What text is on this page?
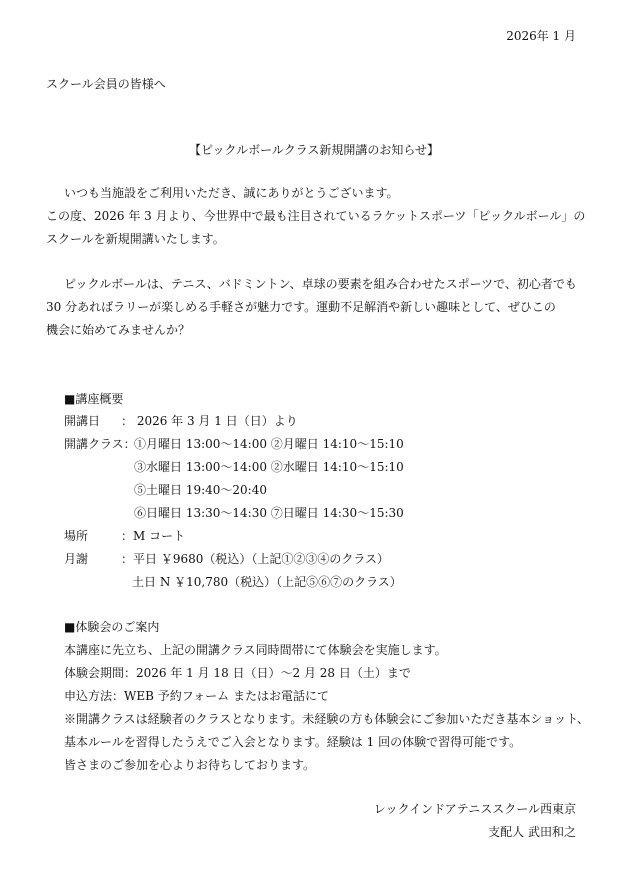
2026年 1 月
スクール会員の皆様へ
【ピックルボールクラス新規開講のお知らせ】
いつも当施設をご利用いただき、誠にありがとうございます。
この度、2026 年 3 月より、今世界中で最も注目されているラケットスポーツ「ピックルボール」の
スクールを新規開講いたします。
ピックルボールは、テニス、バドミントン、卓球の要素を組み合わせたスポーツで、初心者でも
30 分あればラリーが楽しめる手軽さが魅力です。運動不足解消や新しい趣味として、ぜひこの
機会に始めてみませんか？
■講座概要
開講日 ： 2026 年 3 月 1 日（日）より
開講クラス：
①月曜日 13:00～14:00 ②月曜日 14:10～15:10
③水曜日 13:00～14:00 ②水曜日 14:10～15:10
⑤土曜日 19:40～20:40
⑥日曜日 13:30～14:30 ⑦日曜日 14:30～15:30
場所	：M コート
月謝	：平日 ￥9680（税込）（上記①②③④のクラス）
土日 N ￥10,780（税込）（上記⑤⑥⑦のクラス）
■体験会のご案内
本講座に先立ち、上記の開講クラス同時間帯にて体験会を実施します。
体験会期間：2026 年 1 月 18 日（日）～2 月 28 日（土）まで
申込方法：WEB 予約フォーム またはお電話にて
※開講クラスは経験者のクラスとなります。未経験の方も体験会にご参加いただき基本ショット、
基本ルールを習得したうえでご入会となります。経験は 1 回の体験で習得可能です。
皆さまのご参加を心よりお待ちしております。
レックインドアテニススクール西東京
支配人 武田和之
